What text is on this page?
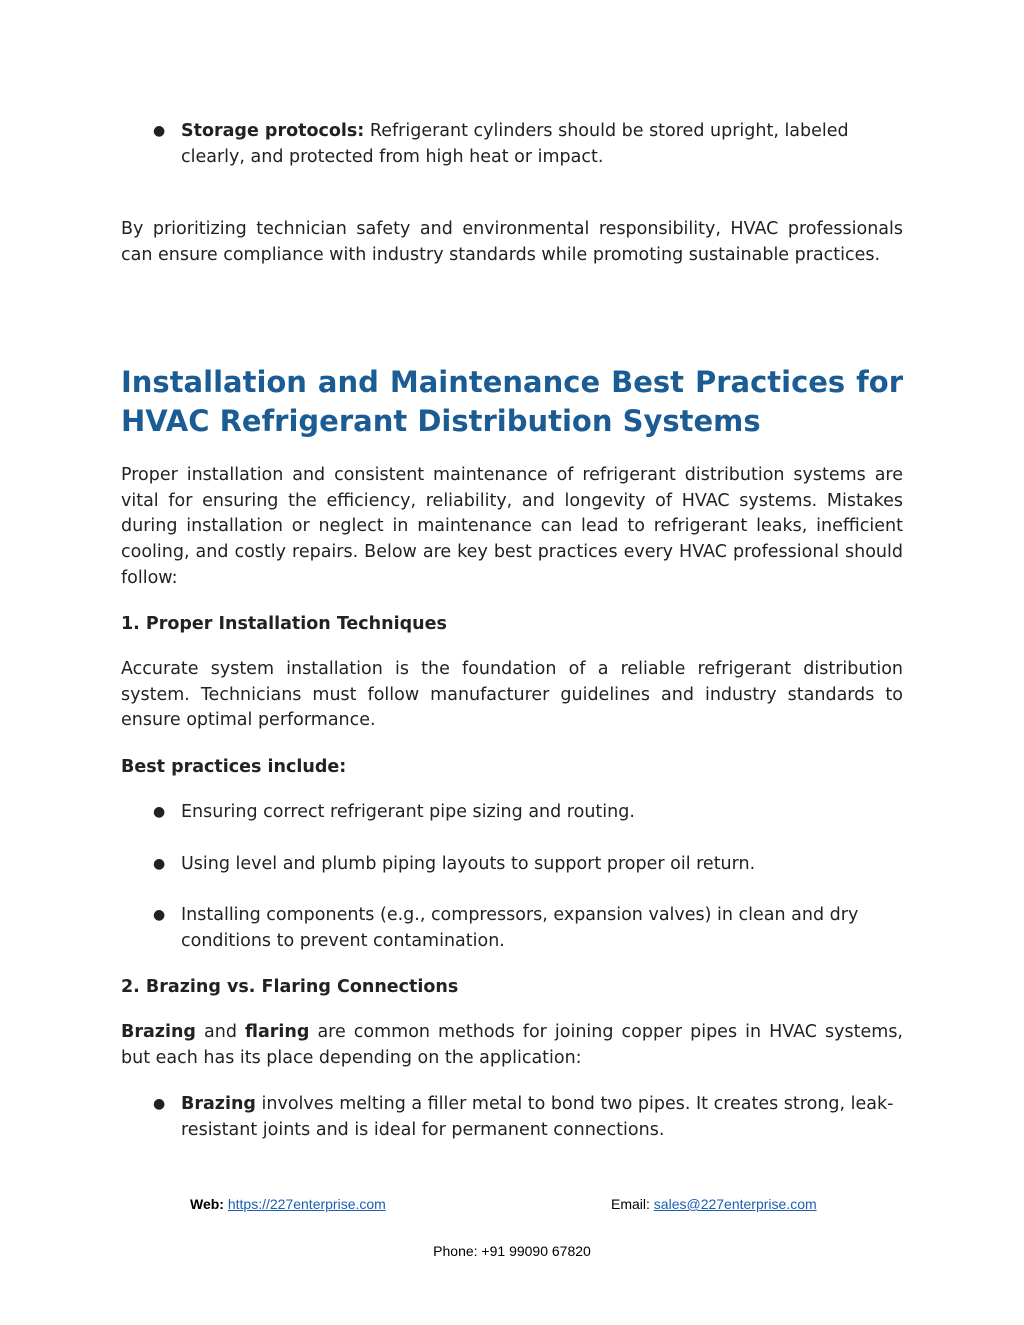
● Storage protocols: Refrigerant cylinders should be stored upright, labeled clearly, and protected from high heat or impact.

By prioritizing technician safety and environmental responsibility, HVAC professionals can ensure compliance with industry standards while promoting sustainable practices.

Installation and Maintenance Best Practices for HVAC Refrigerant Distribution Systems

Proper installation and consistent maintenance of refrigerant distribution systems are vital for ensuring the efficiency, reliability, and longevity of HVAC systems. Mistakes during installation or neglect in maintenance can lead to refrigerant leaks, inefficient cooling, and costly repairs. Below are key best practices every HVAC professional should follow:

1. Proper Installation Techniques

Accurate system installation is the foundation of a reliable refrigerant distribution system. Technicians must follow manufacturer guidelines and industry standards to ensure optimal performance.

Best practices include:

● Ensuring correct refrigerant pipe sizing and routing.
● Using level and plumb piping layouts to support proper oil return.
● Installing components (e.g., compressors, expansion valves) in clean and dry conditions to prevent contamination.

2. Brazing vs. Flaring Connections

Brazing and flaring are common methods for joining copper pipes in HVAC systems, but each has its place depending on the application:

● Brazing involves melting a filler metal to bond two pipes. It creates strong, leak-resistant joints and is ideal for permanent connections.
Web: https://227enterprise.com	Email: sales@227enterprise.com
Phone: +91 99090 67820
